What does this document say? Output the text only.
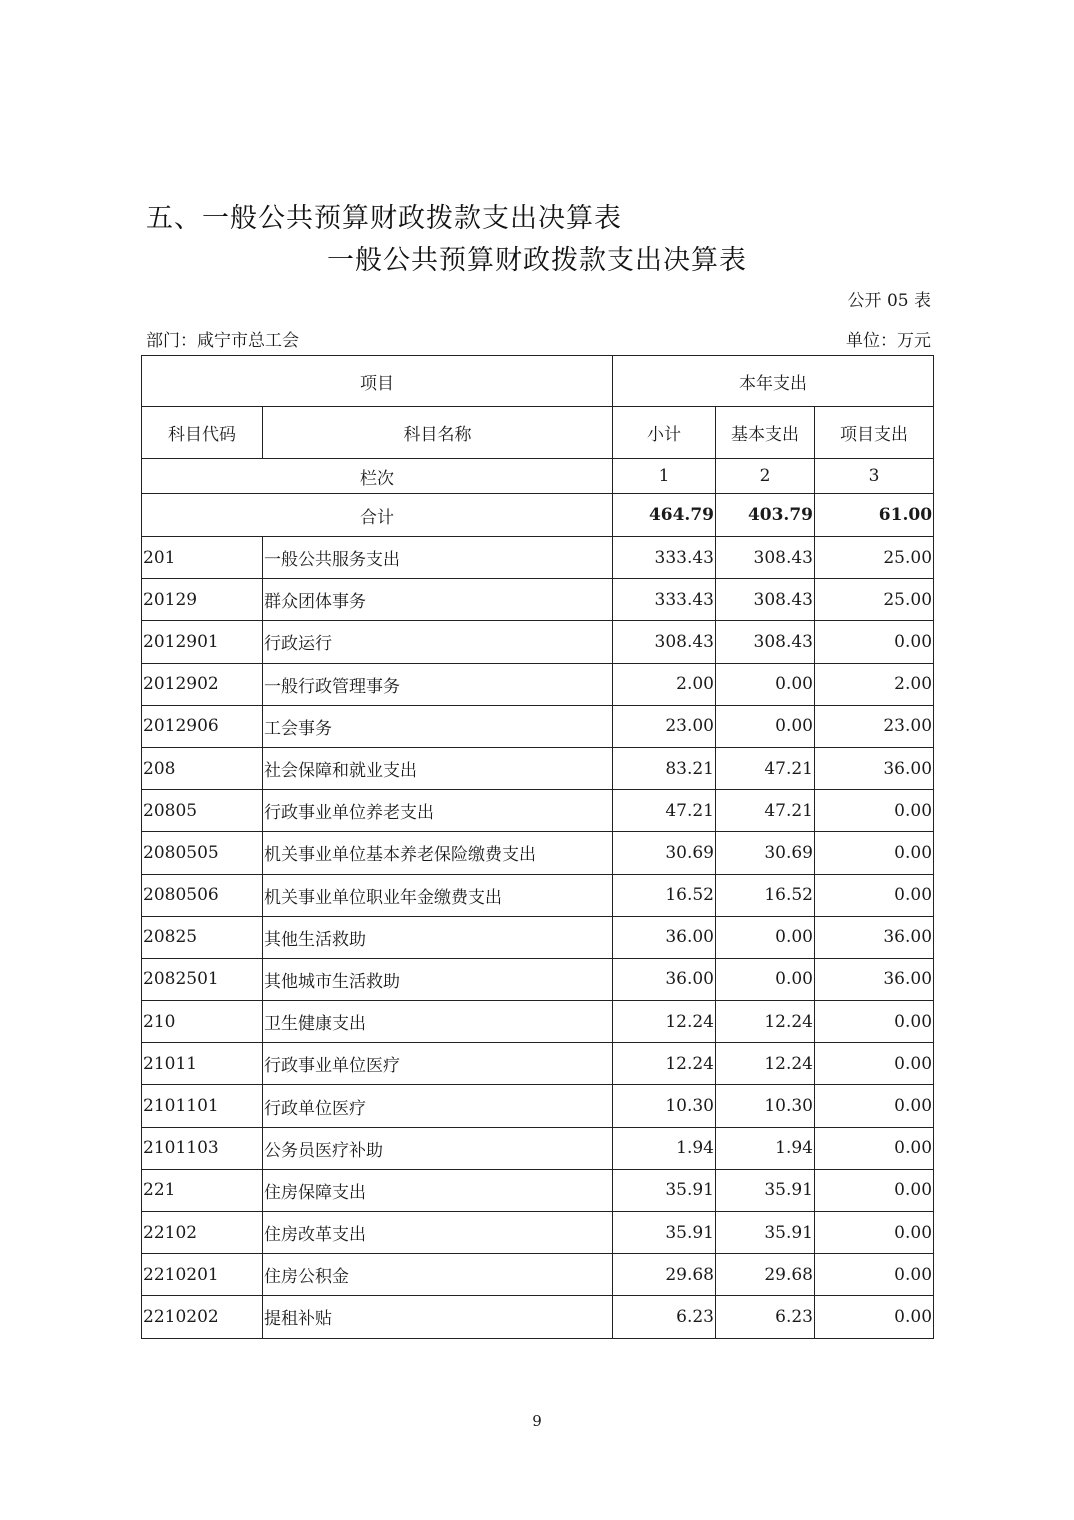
五、一般公共预算财政拨款支出决算表
一般公共预算财政拨款支出决算表
公开 05 表
部门：咸宁市总工会	单位：万元
项目		本年支出		
科目代码	科目名称	小计	基本支出	项目支出
栏次		1	2	3
合计		464.79	403.79	61.00
201	一般公共服务支出	333.43	308.43	25.00
20129	群众团体事务	333.43	308.43	25.00
2012901	行政运行	308.43	308.43	0.00
2012902	一般行政管理事务	2.00	0.00	2.00
2012906	工会事务	23.00	0.00	23.00
208	社会保障和就业支出	83.21	47.21	36.00
20805	行政事业单位养老支出	47.21	47.21	0.00
2080505	机关事业单位基本养老保险缴费支出	30.69	30.69	0.00
2080506	机关事业单位职业年金缴费支出	16.52	16.52	0.00
20825	其他生活救助	36.00	0.00	36.00
2082501	其他城市生活救助	36.00	0.00	36.00
210	卫生健康支出	12.24	12.24	0.00
21011	行政事业单位医疗	12.24	12.24	0.00
2101101	行政单位医疗	10.30	10.30	0.00
2101103	公务员医疗补助	1.94	1.94	0.00
221	住房保障支出	35.91	35.91	0.00
22102	住房改革支出	35.91	35.91	0.00
2210201	住房公积金	29.68	29.68	0.00
2210202	提租补贴	6.23	6.23	0.00
9
